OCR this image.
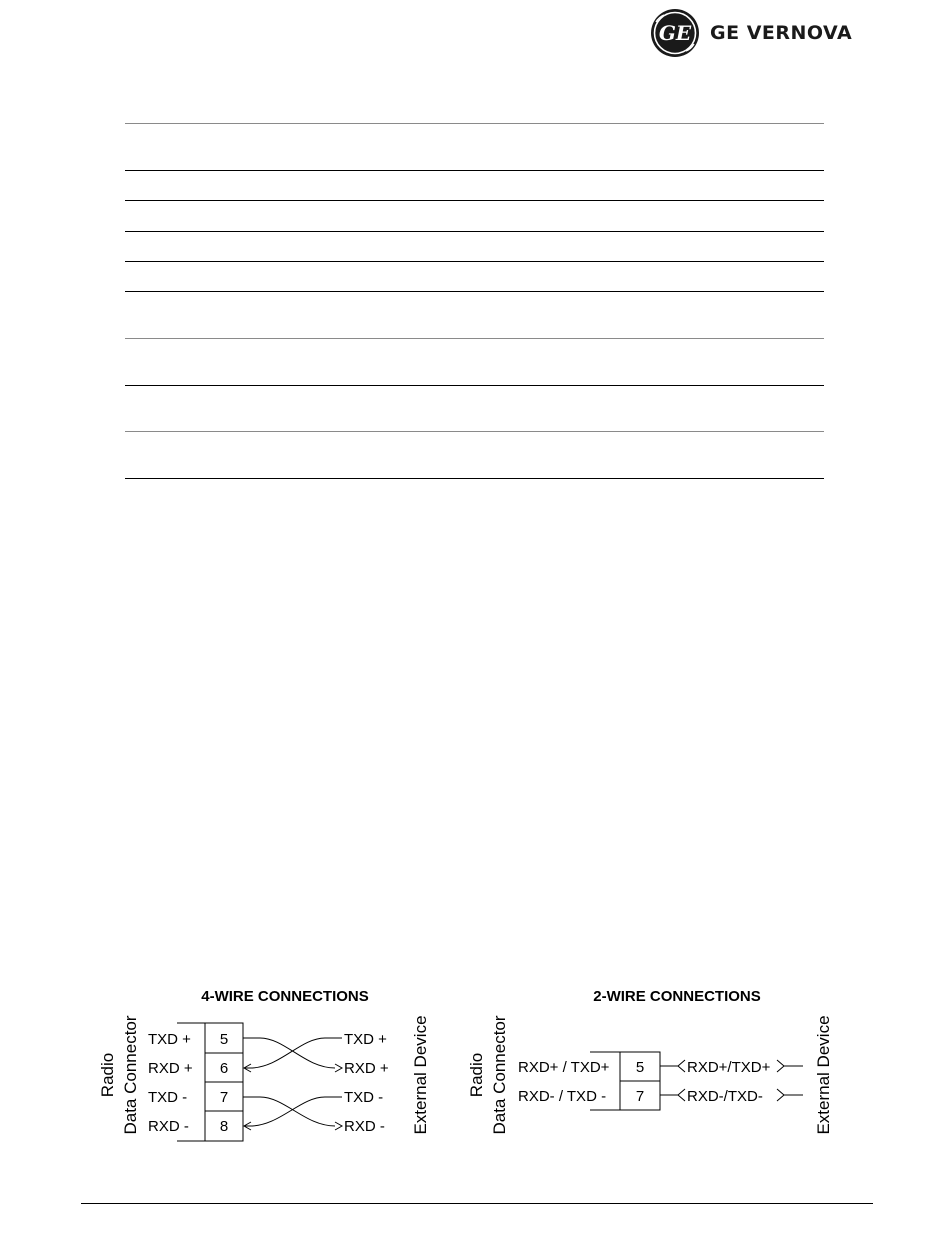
GE GE VERNOVA
4-WIRE CONNECTIONS
Radio Data Connector	External Device
TXD +
RXD +
TXD -
RXD -
5
6
7
8
TXD +
RXD +
TXD -
RXD -
2-WIRE CONNECTIONS
Radio Data Connector	External Device
RXD+ / TXD+
RXD- / TXD -
5
7
RXD+/TXD+
RXD-/TXD-
